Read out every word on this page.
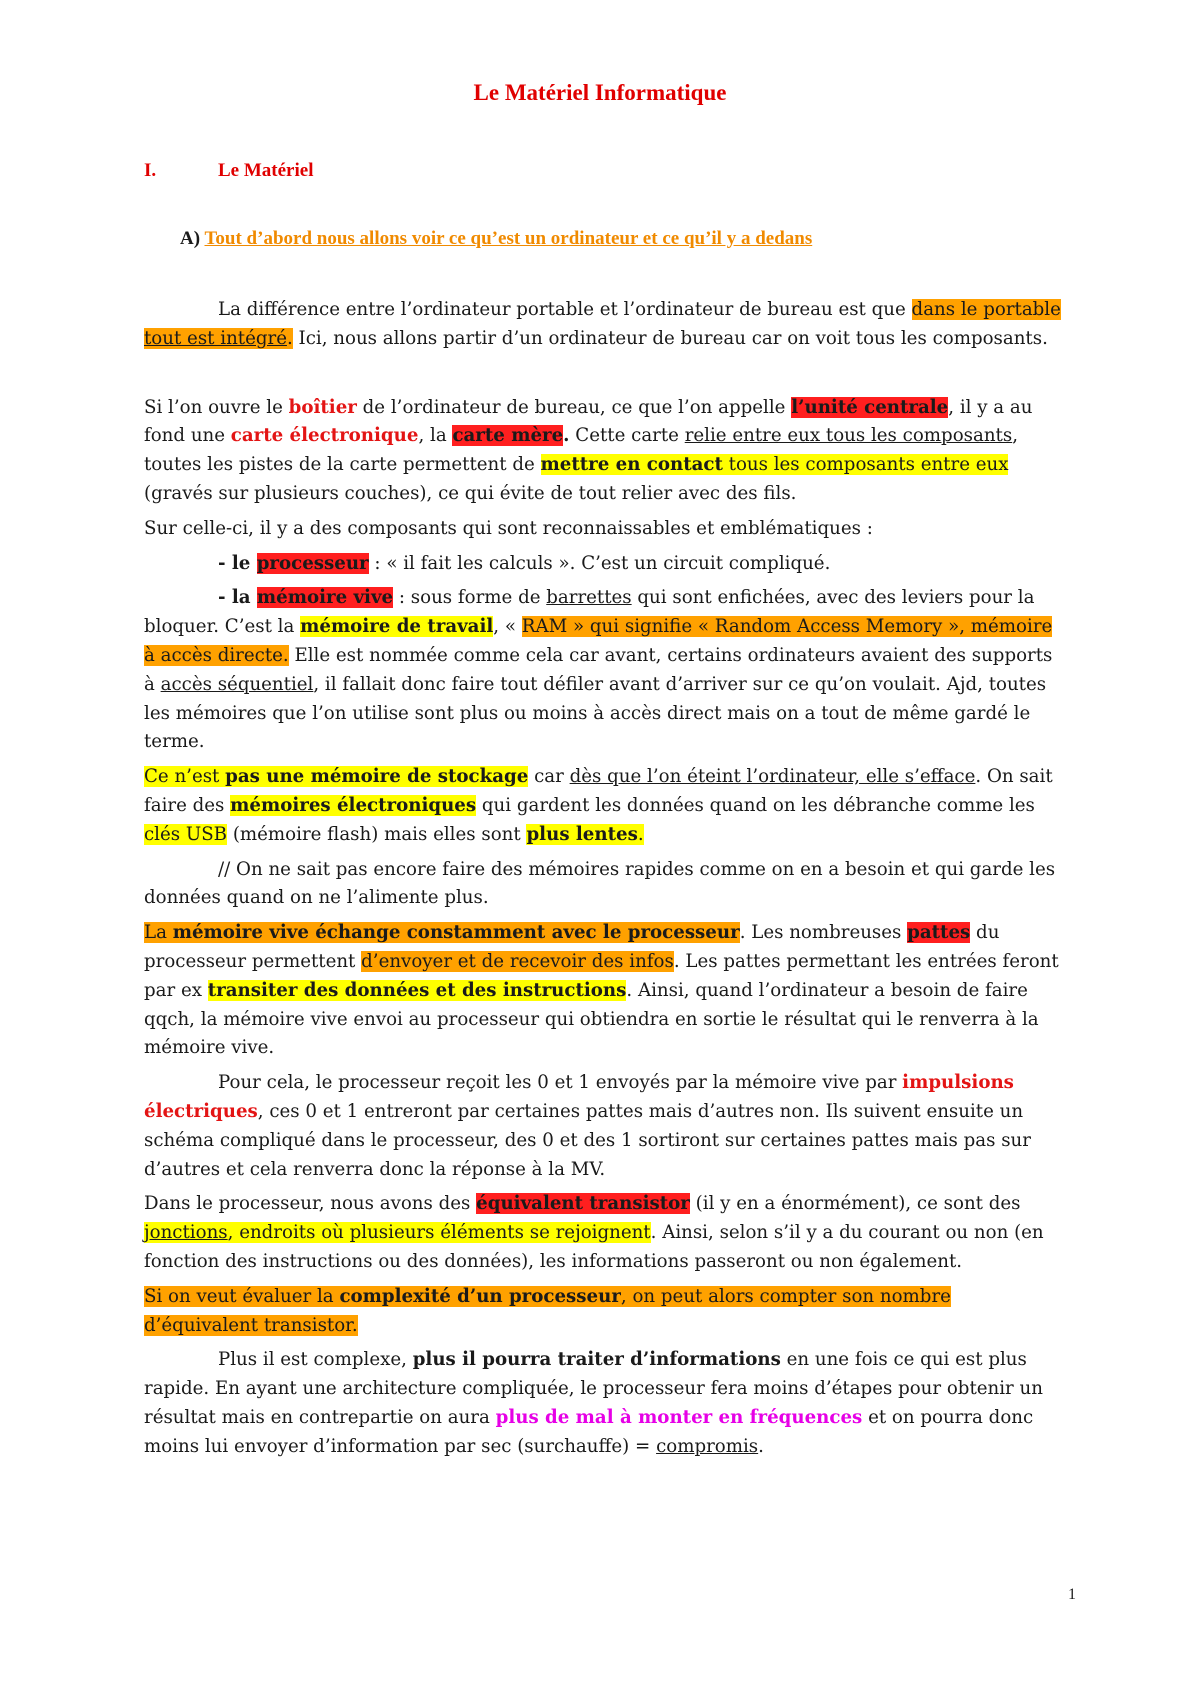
Le Matériel Informatique
I.	Le Matériel
A) Tout d’abord nous allons voir ce qu’est un ordinateur et ce qu’il y a dedans

La différence entre l’ordinateur portable et l’ordinateur de bureau est que dans le portable tout est intégré. Ici, nous allons partir d’un ordinateur de bureau car on voit tous les composants.

Si l’on ouvre le boîtier de l’ordinateur de bureau, ce que l’on appelle l’unité centrale, il y a au fond une carte électronique, la carte mère. Cette carte relie entre eux tous les composants, toutes les pistes de la carte permettent de mettre en contact tous les composants entre eux (gravés sur plusieurs couches), ce qui évite de tout relier avec des fils.

Sur celle-ci, il y a des composants qui sont reconnaissables et emblématiques :

- le processeur : « il fait les calculs ». C’est un circuit compliqué.

- la mémoire vive : sous forme de barrettes qui sont enfichées, avec des leviers pour la bloquer. C’est la mémoire de travail, « RAM » qui signifie « Random Access Memory », mémoire à accès directe. Elle est nommée comme cela car avant, certains ordinateurs avaient des supports à accès séquentiel, il fallait donc faire tout défiler avant d’arriver sur ce qu’on voulait. Ajd, toutes les mémoires que l’on utilise sont plus ou moins à accès direct mais on a tout de même gardé le terme.

Ce n’est pas une mémoire de stockage car dès que l’on éteint l’ordinateur, elle s’efface. On sait faire des mémoires électroniques qui gardent les données quand on les débranche comme les clés USB (mémoire flash) mais elles sont plus lentes.

// On ne sait pas encore faire des mémoires rapides comme on en a besoin et qui garde les données quand on ne l’alimente plus.

La mémoire vive échange constamment avec le processeur. Les nombreuses pattes du processeur permettent d’envoyer et de recevoir des infos. Les pattes permettant les entrées feront par ex transiter des données et des instructions. Ainsi, quand l’ordinateur a besoin de faire qqch, la mémoire vive envoi au processeur qui obtiendra en sortie le résultat qui le renverra à la mémoire vive.

Pour cela, le processeur reçoit les 0 et 1 envoyés par la mémoire vive par impulsions électriques, ces 0 et 1 entreront par certaines pattes mais d’autres non. Ils suivent ensuite un schéma compliqué dans le processeur, des 0 et des 1 sortiront sur certaines pattes mais pas sur d’autres et cela renverra donc la réponse à la MV.

Dans le processeur, nous avons des équivalent transistor (il y en a énormément), ce sont des jonctions, endroits où plusieurs éléments se rejoignent. Ainsi, selon s’il y a du courant ou non (en fonction des instructions ou des données), les informations passeront ou non également.

Si on veut évaluer la complexité d’un processeur, on peut alors compter son nombre d’équivalent transistor.

Plus il est complexe, plus il pourra traiter d’informations en une fois ce qui est plus rapide. En ayant une architecture compliquée, le processeur fera moins d’étapes pour obtenir un résultat mais en contrepartie on aura plus de mal à monter en fréquences et on pourra donc moins lui envoyer d’information par sec (surchauffe) = compromis.

1
